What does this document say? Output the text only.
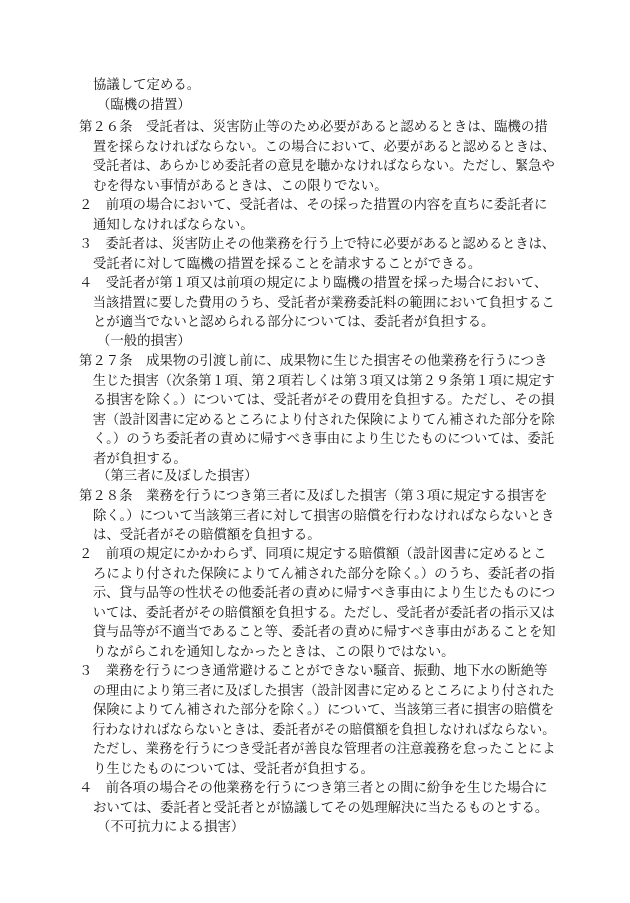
協議して定める。
（臨機の措置）
第２６条　受託者は、災害防止等のため必要があると認めるときは、臨機の措
置を採らなければならない。この場合において、必要があると認めるときは、
受託者は、あらかじめ委託者の意見を聴かなければならない。ただし、緊急や
むを得ない事情があるときは、この限りでない。
２　前項の場合において、受託者は、その採った措置の内容を直ちに委託者に
通知しなければならない。
３　委託者は、災害防止その他業務を行う上で特に必要があると認めるときは、
受託者に対して臨機の措置を採ることを請求することができる。
４　受託者が第１項又は前項の規定により臨機の措置を採った場合において、
当該措置に要した費用のうち、受託者が業務委託料の範囲において負担するこ
とが適当でないと認められる部分については、委託者が負担する。
（一般的損害）
第２７条　成果物の引渡し前に、成果物に生じた損害その他業務を行うにつき
生じた損害（次条第１項、第２項若しくは第３項又は第２９条第１項に規定す
る損害を除く。）については、受託者がその費用を負担する。ただし、その損
害（設計図書に定めるところにより付された保険によりてん補された部分を除
く。）のうち委託者の責めに帰すべき事由により生じたものについては、委託
者が負担する。
（第三者に及ぼした損害）
第２８条　業務を行うにつき第三者に及ぼした損害（第３項に規定する損害を
除く。）について当該第三者に対して損害の賠償を行わなければならないとき
は、受託者がその賠償額を負担する。
２　前項の規定にかかわらず、同項に規定する賠償額（設計図書に定めるとこ
ろにより付された保険によりてん補された部分を除く。）のうち、委託者の指
示、貸与品等の性状その他委託者の責めに帰すべき事由により生じたものにつ
いては、委託者がその賠償額を負担する。ただし、受託者が委託者の指示又は
貸与品等が不適当であること等、委託者の責めに帰すべき事由があることを知
りながらこれを通知しなかったときは、この限りではない。
３　業務を行うにつき通常避けることができない騒音、振動、地下水の断絶等
の理由により第三者に及ぼした損害（設計図書に定めるところにより付された
保険によりてん補された部分を除く。）について、当該第三者に損害の賠償を
行わなければならないときは、委託者がその賠償額を負担しなければならない。
ただし、業務を行うにつき受託者が善良な管理者の注意義務を怠ったことによ
り生じたものについては、受託者が負担する。
４　前各項の場合その他業務を行うにつき第三者との間に紛争を生じた場合に
おいては、委託者と受託者とが協議してその処理解決に当たるものとする。
（不可抗力による損害）
